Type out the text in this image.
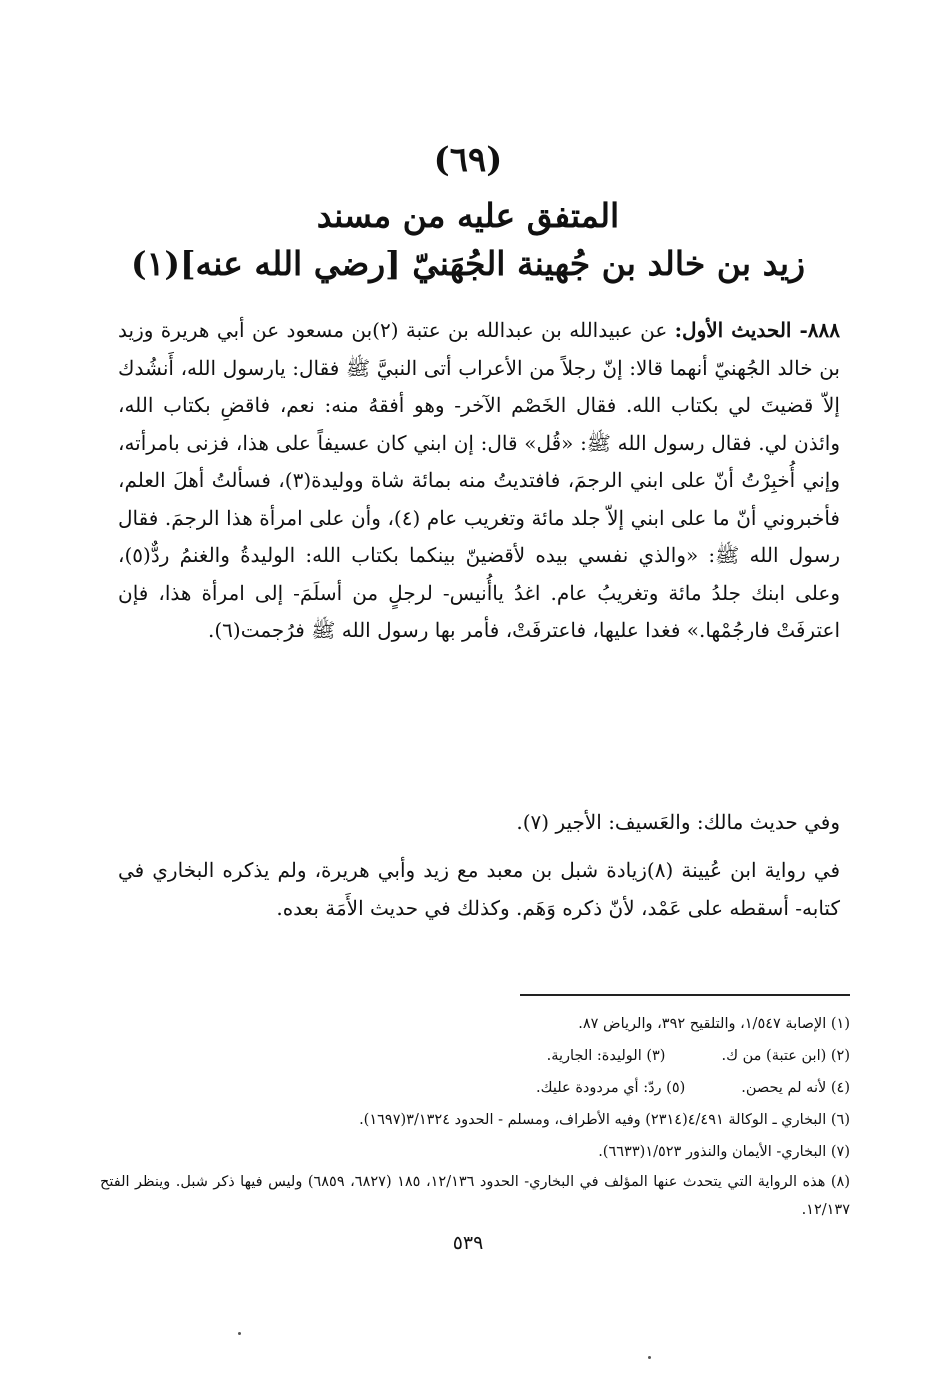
(٦٩)
المتفق عليه من مسند
زيد بن خالد بن جُهينة الجُهَنيّ [رضي الله عنه](١)

٨٨٨- الحديث الأول: عن عبيدالله بن عبدالله بن عتبة (٢)بن مسعود عن أبي هريرة وزيد بن خالد الجُهنيّ أنهما قالا: إنّ رجلاً من الأعراب أتى النبيَّ ﷺ فقال: يارسول الله، أَنشُدك إلاّ قضيتَ لي بكتاب الله. فقال الخَصْم الآخر- وهو أفقهُ منه: نعم، فاقضِ بكتاب الله، وائذن لي. فقال رسول الله ﷺ: «قُل» قال: إن ابني كان عسيفاً على هذا، فزنى بامرأته، وإني أُخبِرْتُ أنّ على ابني الرجمَ، فافتديتُ منه بمائة شاة ووليدة(٣)، فسألتُ أهلَ العلم، فأخبروني أنّ ما على ابني إلاّ جلد مائة وتغريب عام (٤)، وأن على امرأة هذا الرجمَ. فقال رسول الله ﷺ: «والذي نفسي بيده لأقضينّ بينكما بكتاب الله: الوليدةُ والغنمُ ردٌّ(٥)، وعلى ابنك جلدُ مائة وتغريبُ عام. اغدُ ياأُنيس- لرجلٍ من أسلَمَ- إلى امرأة هذا، فإن اعترفَتْ فارجُمْها.» فغدا عليها، فاعترفَتْ، فأمر بها رسول الله ﷺ فرُجمت(٦).

وفي حديث مالك: والعَسيف: الأجير (٧).

في رواية ابن عُيينة (٨)زيادة شبل بن معبد مع زيد وأبي هريرة، ولم يذكره البخاري في كتابه- أسقطه على عَمْد، لأنّ ذكره وَهَم. وكذلك في حديث الأَمَة بعده.

(١) الإصابة ١/٥٤٧، والتلقيح ٣٩٢، والرياض ٨٧.

(٢) (ابن عتبة) من ك.
(٣) الوليدة: الجارية.
(٤) لأنه لم يحصن.
(٥) ردّ: أي مردودة عليك.

(٦) البخاري ـ الوكالة ٤/٤٩١(٢٣١٤) وفيه الأطراف، ومسلم - الحدود ٣/١٣٢٤(١٦٩٧).

(٧) البخاري- الأيمان والنذور ١/٥٢٣(٦٦٣٣).

(٨) هذه الرواية التي يتحدث عنها المؤلف في البخاري- الحدود ١٢/١٣٦، ١٨٥ (٦٨٢٧، ٦٨٥٩) وليس فيها ذكر شبل. وينظر الفتح ١٢/١٣٧.

٥٣٩
